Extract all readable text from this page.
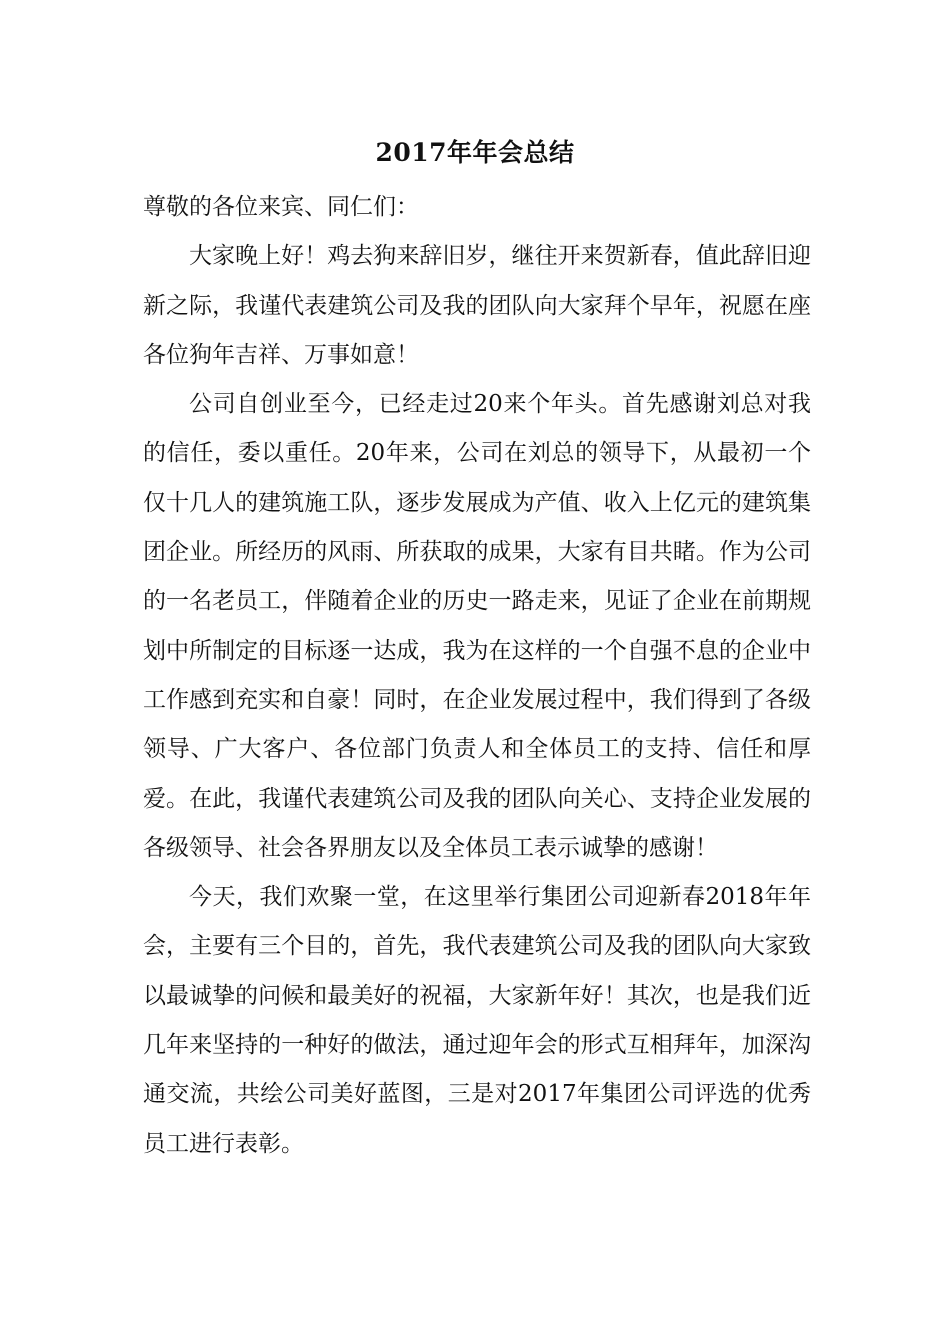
2017年年会总结

尊敬的各位来宾、同仁们：

大家晚上好！鸡去狗来辞旧岁，继往开来贺新春，值此辞旧迎新之际，我谨代表建筑公司及我的团队向大家拜个早年，祝愿在座各位狗年吉祥、万事如意！

公司自创业至今，已经走过20来个年头。首先感谢刘总对我的信任，委以重任。20年来，公司在刘总的领导下，从最初一个仅十几人的建筑施工队，逐步发展成为产值、收入上亿元的建筑集团企业。所经历的风雨、所获取的成果，大家有目共睹。作为公司的一名老员工，伴随着企业的历史一路走来，见证了企业在前期规划中所制定的目标逐一达成，我为在这样的一个自强不息的企业中工作感到充实和自豪！同时，在企业发展过程中，我们得到了各级领导、广大客户、各位部门负责人和全体员工的支持、信任和厚爱。在此，我谨代表建筑公司及我的团队向关心、支持企业发展的各级领导、社会各界朋友以及全体员工表示诚挚的感谢！

今天，我们欢聚一堂，在这里举行集团公司迎新春2018年年会，主要有三个目的，首先，我代表建筑公司及我的团队向大家致以最诚挚的问候和最美好的祝福，大家新年好！其次，也是我们近几年来坚持的一种好的做法，通过迎年会的形式互相拜年，加深沟通交流，共绘公司美好蓝图，三是对2017年集团公司评选的优秀员工进行表彰。
